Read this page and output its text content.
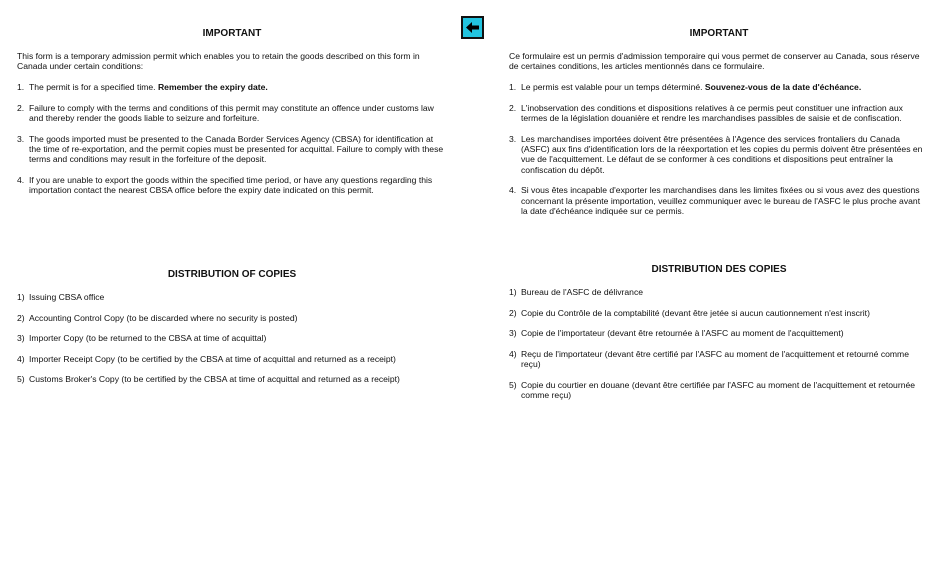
IMPORTANT

This form is a temporary admission permit which enables you to retain the goods described on this form in Canada under certain conditions:

1. The permit is for a specified time. Remember the expiry date.
2. Failure to comply with the terms and conditions of this permit may constitute an offence under customs law and thereby render the goods liable to seizure and forfeiture.
3. The goods imported must be presented to the Canada Border Services Agency (CBSA) for identification at the time of re-exportation, and the permit copies must be presented for acquittal. Failure to comply with these terms and conditions may result in the forfeiture of the deposit.
4. If you are unable to export the goods within the specified time period, or have any questions regarding this importation contact the nearest CBSA office before the expiry date indicated on this permit.
DISTRIBUTION OF COPIES
1) Issuing CBSA office
2) Accounting Control Copy (to be discarded where no security is posted)
3) Importer Copy (to be returned to the CBSA at time of acquittal)
4) Importer Receipt Copy (to be certified by the CBSA at time of acquittal and returned as a receipt)
5) Customs Broker's Copy (to be certified by the CBSA at time of acquittal and returned as a receipt)
IMPORTANT

Ce formulaire est un permis d'admission temporaire qui vous permet de conserver au Canada, sous réserve de certaines conditions, les articles mentionnés dans ce formulaire.

1. Le permis est valable pour un temps déterminé. Souvenez-vous de la date d'échéance.
2. L'inobservation des conditions et dispositions relatives à ce permis peut constituer une infraction aux termes de la législation douanière et rendre les marchandises passibles de saisie et de confiscation.
3. Les marchandises importées doivent être présentées à l'Agence des services frontaliers du Canada (ASFC) aux fins d'identification lors de la réexportation et les copies du permis doivent être présentées en vue de l'acquittement. Le défaut de se conformer à ces conditions et dispositions peut entraîner la confiscation du dépôt.
4. Si vous êtes incapable d'exporter les marchandises dans les limites fixées ou si vous avez des questions concernant la présente importation, veuillez communiquer avec le bureau de l'ASFC le plus proche avant la date d'échéance indiquée sur ce permis.
DISTRIBUTION DES COPIES
1) Bureau de l'ASFC de délivrance
2) Copie du Contrôle de la comptabilité (devant être jetée si aucun cautionnement n'est inscrit)
3) Copie de l'importateur (devant être retournée à l'ASFC au moment de l'acquittement)
4) Reçu de l'importateur (devant être certifié par l'ASFC au moment de l'acquittement et retourné comme reçu)
5) Copie du courtier en douane (devant être certifiée par l'ASFC au moment de l'acquittement et retournée comme reçu)
